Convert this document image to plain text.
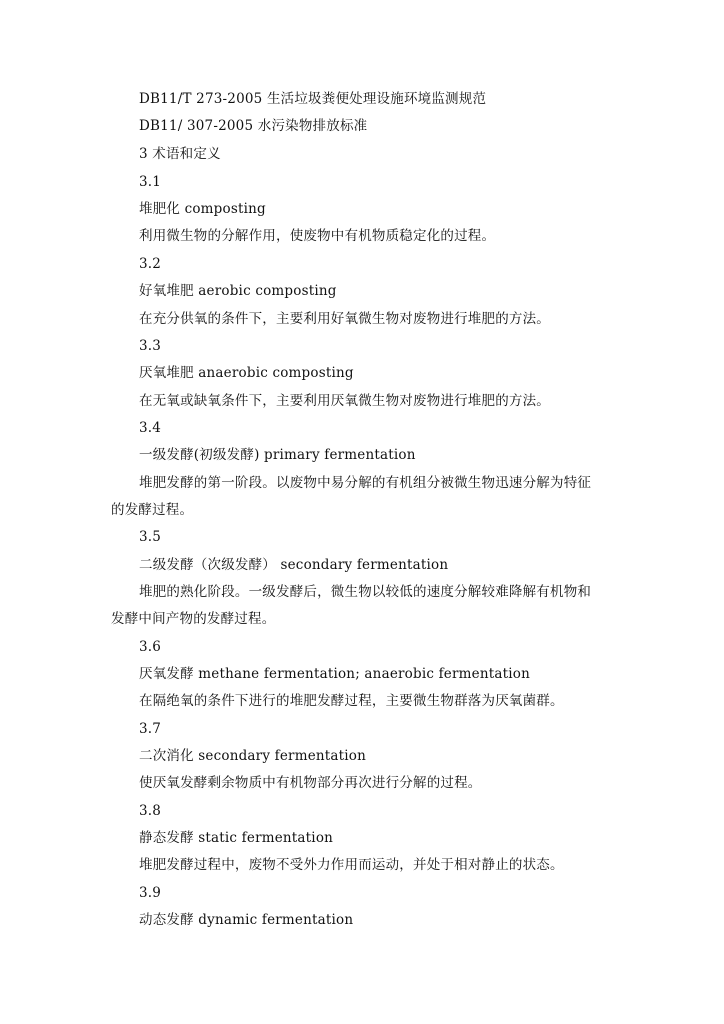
DB11/T 273-2005 生活垃圾粪便处理设施环境监测规范
DB11/ 307-2005 水污染物排放标准
3 术语和定义
3.1
堆肥化 composting
利用微生物的分解作用，使废物中有机物质稳定化的过程。
3.2
好氧堆肥 aerobic composting
在充分供氧的条件下，主要利用好氧微生物对废物进行堆肥的方法。
3.3
厌氧堆肥 anaerobic composting
在无氧或缺氧条件下，主要利用厌氧微生物对废物进行堆肥的方法。
3.4
一级发酵(初级发酵) primary fermentation
堆肥发酵的第一阶段。以废物中易分解的有机组分被微生物迅速分解为特征
的发酵过程。
3.5
二级发酵（次级发酵） secondary fermentation
堆肥的熟化阶段。一级发酵后，微生物以较低的速度分解较难降解有机物和
发酵中间产物的发酵过程。
3.6
厌氧发酵 methane fermentation; anaerobic fermentation
在隔绝氧的条件下进行的堆肥发酵过程，主要微生物群落为厌氧菌群。
3.7
二次消化 secondary fermentation
使厌氧发酵剩余物质中有机物部分再次进行分解的过程。
3.8
静态发酵 static fermentation
堆肥发酵过程中，废物不受外力作用而运动，并处于相对静止的状态。
3.9
动态发酵 dynamic fermentation
